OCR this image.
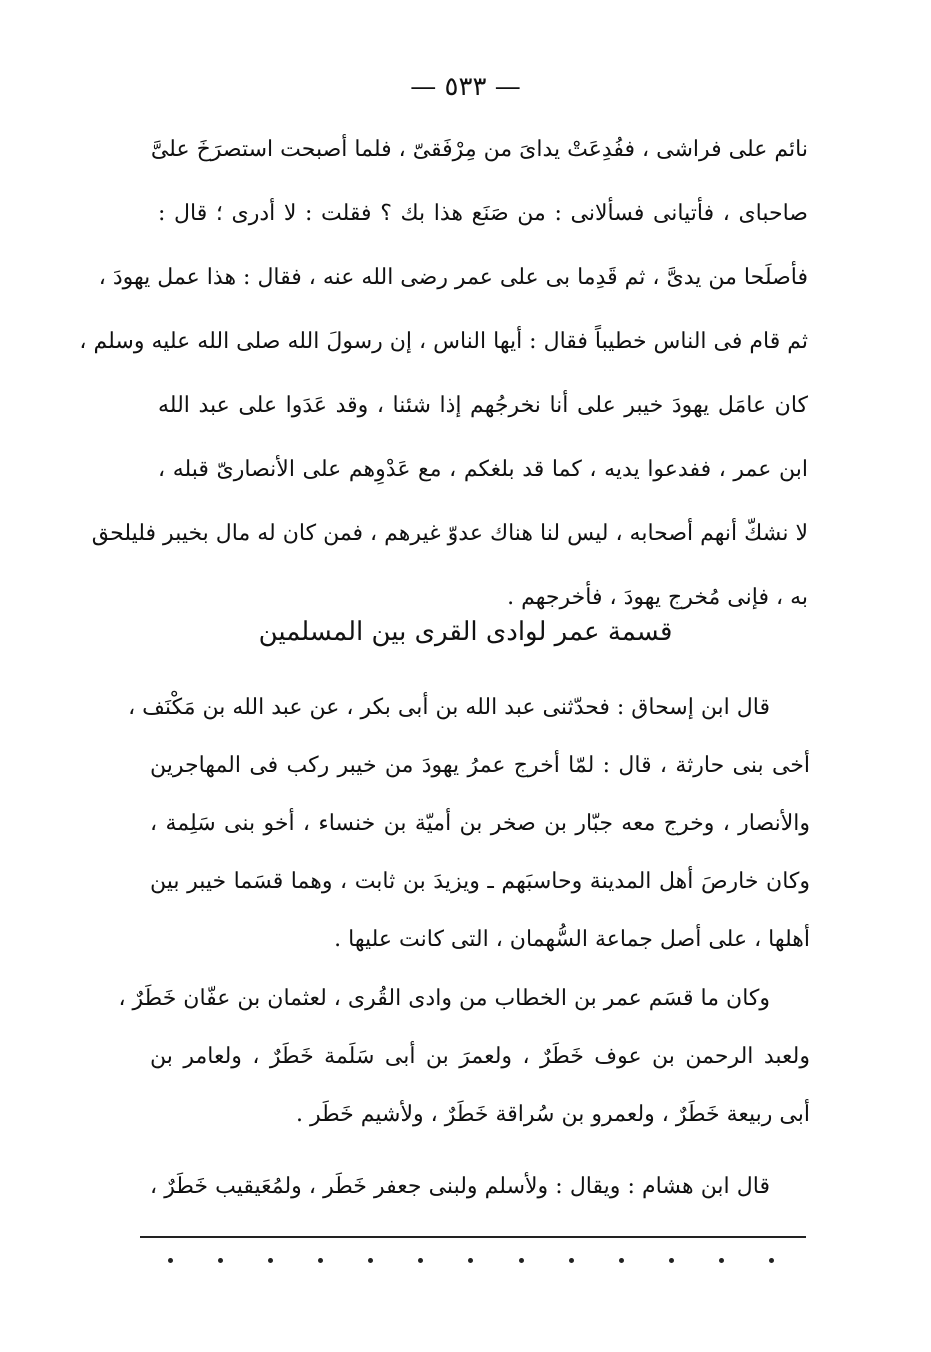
— ٥٣٣ —
نائم على فراشى ، ففُدِعَتْ يداىَ من مِرْفَقىّ ، فلما أصبحت استصرَخَ علىَّ
صاحباى ، فأتيانى فسألانى : من صَنَع هذا بك ؟ فقلت : لا أدرى ؛ قال :
فأصلَحا من يدىَّ ، ثم قَدِما بى على عمر رضى الله عنه ، فقال : هذا عمل يهودَ ،
ثم قام فى الناس خطيباً فقال : أيها الناس ، إن رسولَ الله صلى الله عليه وسلم ،
كان عامَل يهودَ خيبر على أنا نخرجُهم إذا شئنا ، وقد عَدَوا على عبد الله
ابن عمر ، ففدعوا يديه ، كما قد بلغكم ، مع عَدْوِهم على الأنصارىّ قبله ،
لا نشكّ أنهم أصحابه ، ليس لنا هناك عدوّ غيرهم ، فمن كان له مال بخيبر فليلحق
به ، فإنى مُخرج يهودَ ، فأخرجهم .
قسمة عمر لوادى القرى بين المسلمين
قال ابن إسحاق : فحدّثنى عبد الله بن أبى بكر ، عن عبد الله بن مَكْنَف ،
أخى بنى حارثة ، قال : لمّا أخرج عمرُ يهودَ من خيبر ركب فى المهاجرين
والأنصار ، وخرج معه جبّار بن صخر بن أميّة بن خنساء ، أخو بنى سَلِمة ،
وكان خارصَ أهل المدينة وحاسبَهم ـ ويزيدَ بن ثابت ، وهما قسَما خيبر بين
أهلها ، على أصل جماعة السُّهمان ، التى كانت عليها .
وكان ما قسَم عمر بن الخطاب من وادى القُرى ، لعثمان بن عفّان خَطَرٌ ،
ولعبد الرحمن بن عوف خَطَرٌ ، ولعمرَ بن أبى سَلَمة خَطَرٌ ، ولعامر بن
أبى ربيعة خَطَرٌ ، ولعمرو بن سُراقة خَطَرٌ ، ولأشيم خَطَر .
قال ابن هشام : ويقال : ولأسلم ولبنى جعفر خَطَر ، ولمُعَيقيب خَطَرٌ ،
